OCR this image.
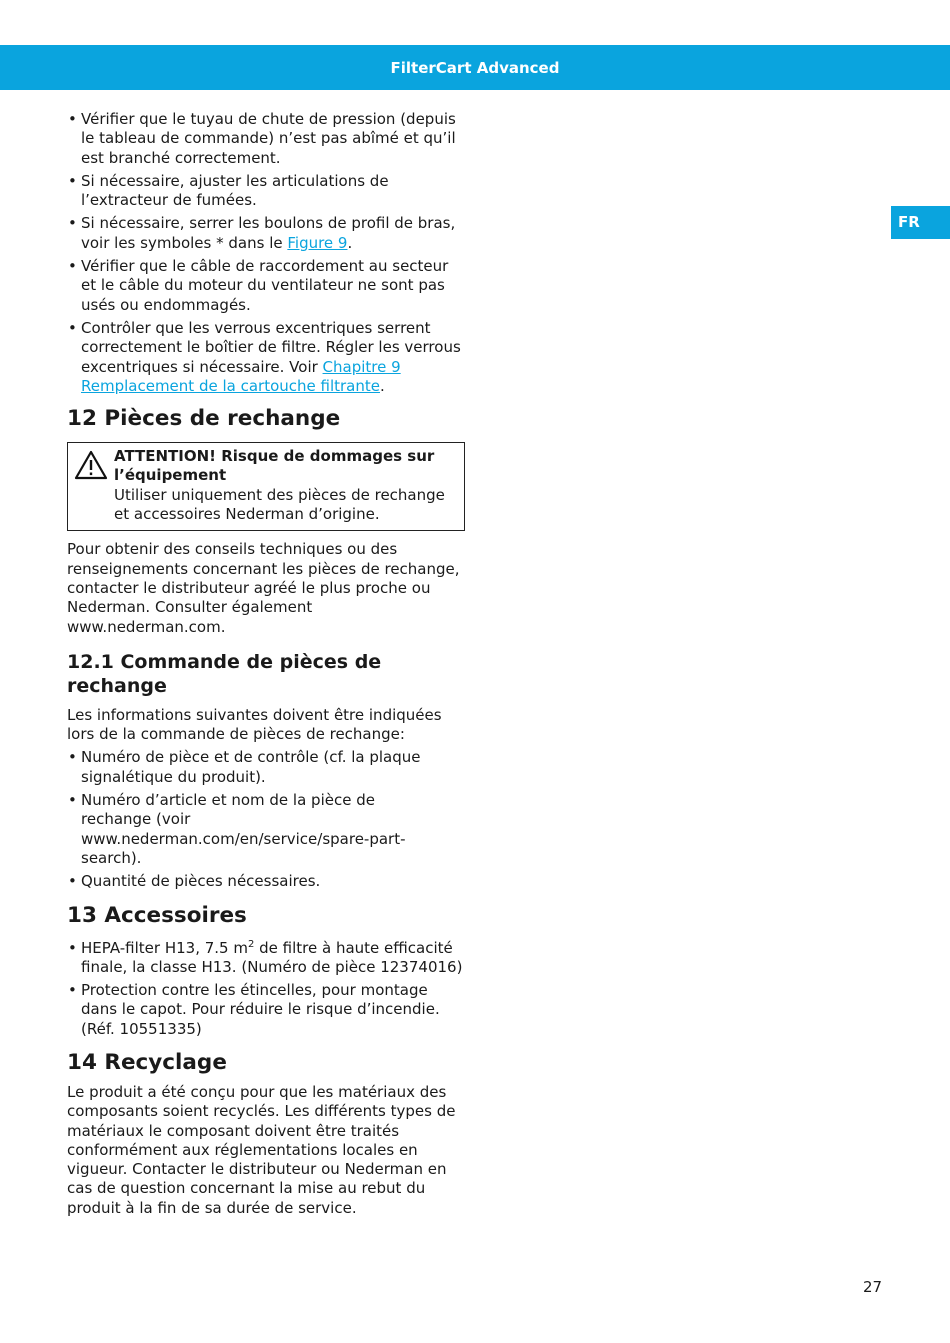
FilterCart Advanced
FR
• Vérifier que le tuyau de chute de pression (depuis le tableau de commande) n’est pas abîmé et qu’il est branché correctement.
• Si nécessaire, ajuster les articulations de l’extracteur de fumées.
• Si nécessaire, serrer les boulons de profil de bras, voir les symboles * dans le Figure 9.
• Vérifier que le câble de raccordement au secteur et le câble du moteur du ventilateur ne sont pas usés ou endommagés.
• Contrôler que les verrous excentriques serrent correctement le boîtier de filtre. Régler les verrous excentriques si nécessaire. Voir Chapitre 9 Remplacement de la cartouche filtrante.
12 Pièces de rechange
ATTENTION! Risque de dommages sur l’équipement
Utiliser uniquement des pièces de rechange et accessoires Nederman d’origine.

Pour obtenir des conseils techniques ou des renseignements concernant les pièces de rechange, contacter le distributeur agréé le plus proche ou Nederman. Consulter également www.nederman.com.

12.1 Commande de pièces de rechange

Les informations suivantes doivent être indiquées lors de la commande de pièces de rechange:

• Numéro de pièce et de contrôle (cf. la plaque signalétique du produit).
• Numéro d’article et nom de la pièce de rechange (voir www.nederman.com/en/service/spare-part-search).
• Quantité de pièces nécessaires.
13 Accessoires
• HEPA-filter H13, 7.5 $m^2$ de filtre à haute efficacité finale, la classe H13. (Numéro de pièce 12374016)
• Protection contre les étincelles, pour montage dans le capot. Pour réduire le risque d’incendie. (Réf. 10551335)
14 Recyclage

Le produit a été conçu pour que les matériaux des composants soient recyclés. Les différents types de matériaux le composant doivent être traités conformément aux réglementations locales en vigueur. Contacter le distributeur ou Nederman en cas de question concernant la mise au rebut du produit à la fin de sa durée de service.

27
